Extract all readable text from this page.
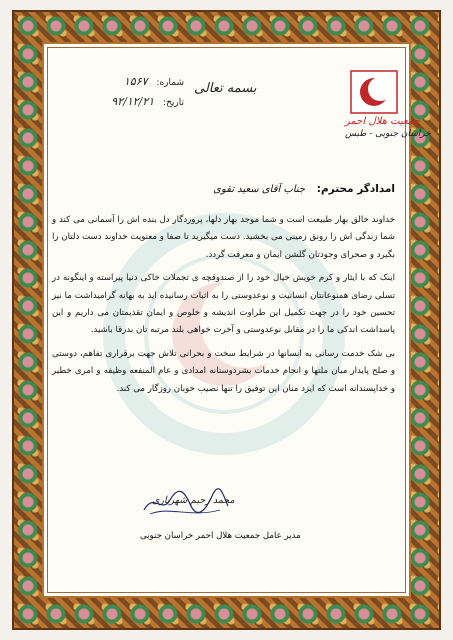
شماره: ۱۵۶۷
تاریخ: ۹۲/۱۲/۲۱
بسمه تعالی
جمعیت هلال احمر
خراسان جنوبی - طبس
امدادگر محترم: جناب آقای سعید تقوی

خداوند خالق بهار طبیعت است و شما موجد بهار دلها، پروردگار دل بنده اش را آسمانی می کند و شما زندگی اش را رونق زمینی می بخشید. دست میگیرید تا صفا و معنویت خداوند دست دلتان را بگیرد و صحرای وجودتان گلشن ایمان و معرفت گردد.

اینک که با ایثار و کرم خویش خیال خود را از صندوقچه ی تجملات خاکی دنیا پیراسته و اینگونه در تسلی رضای همنوعانتان انسانیت و نوعدوستی را به اثبات رسانیده اید به بهانه گرامیداشت ما نیز تحسین خود را در جهت تکمیل این طراوت اندیشه و خلوص و ایمان تقدیمتان می داریم و این پاسداشت اندکی ما را در مقابل نوعدوستی و آخرت خواهی بلند مرتبه تان بدرقا باشید.

بی شک خدمت رسانی به انسانها در شرایط سخت و بحرانی تلاش جهت برقراری تفاهم، دوستی و صلح پایدار میان ملتها و انجام خدمات بشردوستانه امدادی و عام المنفعه وظیفه و امری خطیر و خداپسندانه است که ایزد منان این توفیق را تنها نصیب خوبان روزگار می کند.

محمد رحیم شهریاری
مدیر عامل جمعیت هلال احمر خراسان جنوبی
